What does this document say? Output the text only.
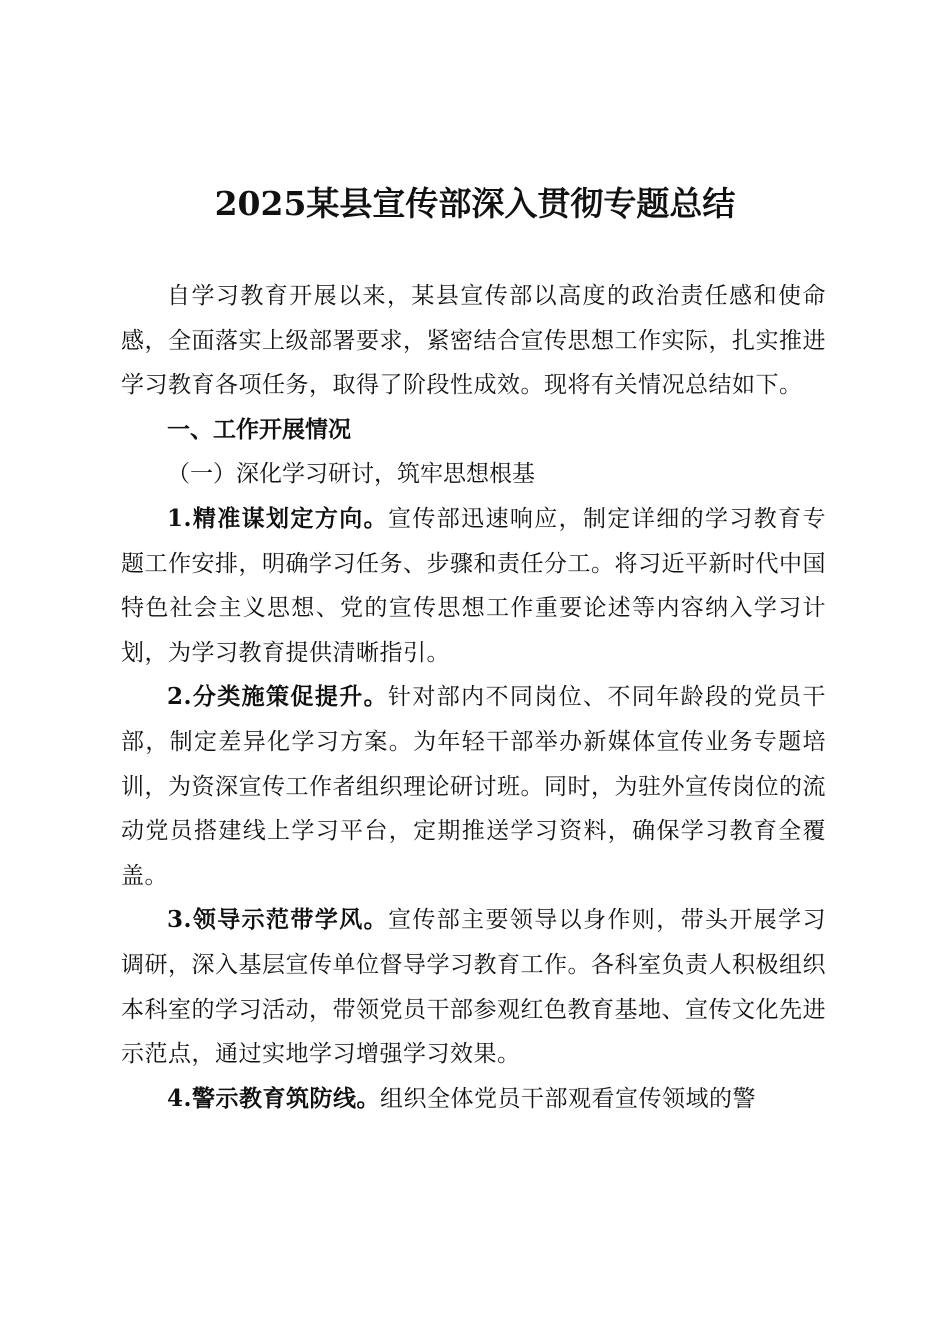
2025某县宣传部深入贯彻专题总结

自学习教育开展以来，某县宣传部以高度的政治责任感和使命感，全面落实上级部署要求，紧密结合宣传思想工作实际，扎实推进学习教育各项任务，取得了阶段性成效。现将有关情况总结如下。

一、工作开展情况

（一）深化学习研讨，筑牢思想根基

1.精准谋划定方向。宣传部迅速响应，制定详细的学习教育专题工作安排，明确学习任务、步骤和责任分工。将习近平新时代中国特色社会主义思想、党的宣传思想工作重要论述等内容纳入学习计划，为学习教育提供清晰指引。

2.分类施策促提升。针对部内不同岗位、不同年龄段的党员干部，制定差异化学习方案。为年轻干部举办新媒体宣传业务专题培训，为资深宣传工作者组织理论研讨班。同时，为驻外宣传岗位的流动党员搭建线上学习平台，定期推送学习资料，确保学习教育全覆盖。

3.领导示范带学风。宣传部主要领导以身作则，带头开展学习调研，深入基层宣传单位督导学习教育工作。各科室负责人积极组织本科室的学习活动，带领党员干部参观红色教育基地、宣传文化先进示范点，通过实地学习增强学习效果。

4.警示教育筑防线。组织全体党员干部观看宣传领域的警
